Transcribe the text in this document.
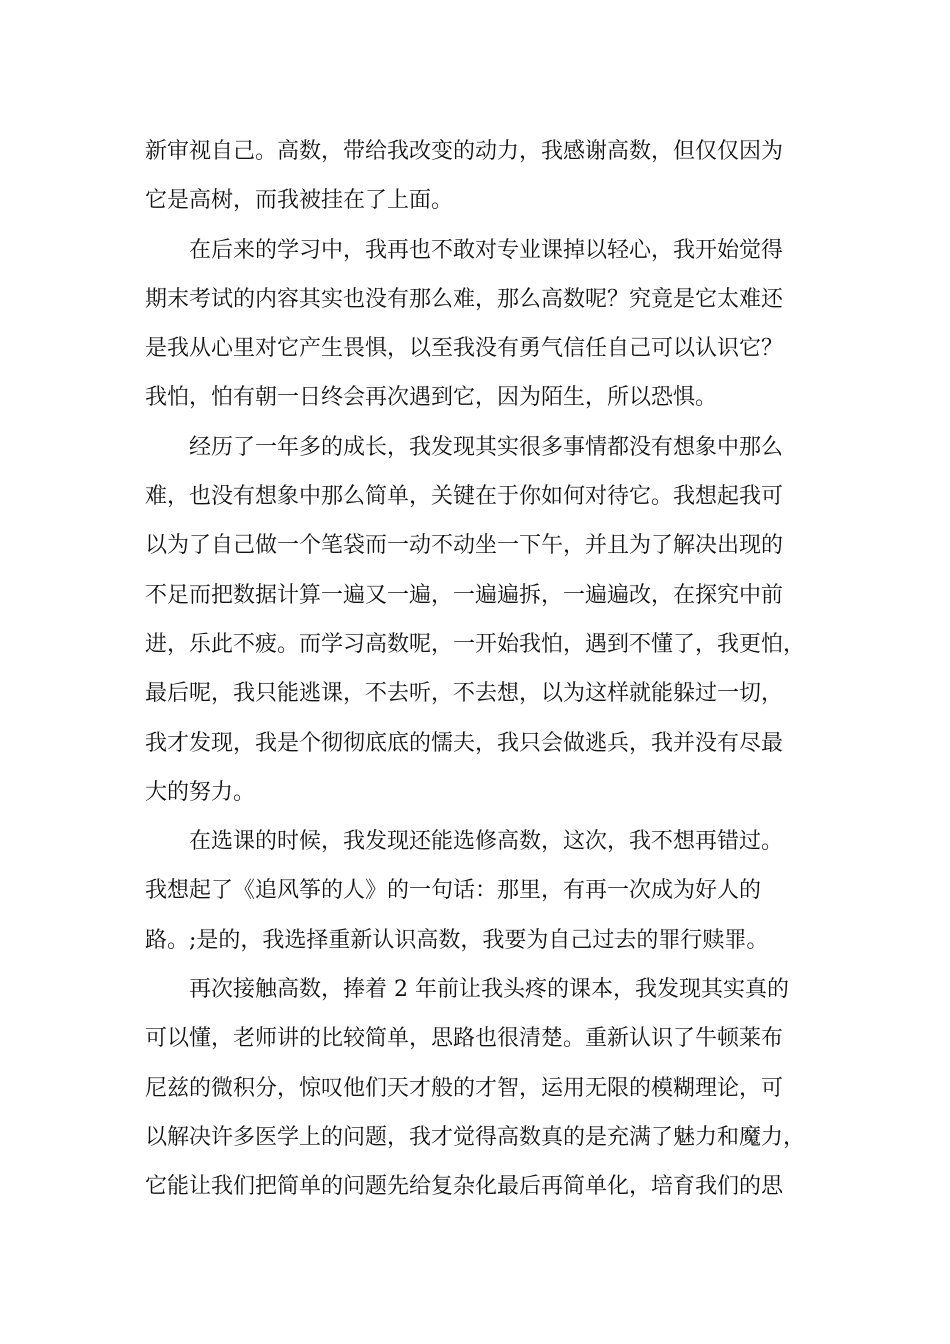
新审视自己。高数，带给我改变的动力，我感谢高数，但仅仅因为
它是高树，而我被挂在了上面。
在后来的学习中，我再也不敢对专业课掉以轻心，我开始觉得
期末考试的内容其实也没有那么难，那么高数呢？究竟是它太难还
是我从心里对它产生畏惧，以至我没有勇气信任自己可以认识它？
我怕，怕有朝一日终会再次遇到它，因为陌生，所以恐惧。
经历了一年多的成长，我发现其实很多事情都没有想象中那么
难，也没有想象中那么简单，关键在于你如何对待它。我想起我可
以为了自己做一个笔袋而一动不动坐一下午，并且为了解决出现的
不足而把数据计算一遍又一遍，一遍遍拆，一遍遍改，在探究中前
进，乐此不疲。而学习高数呢，一开始我怕，遇到不懂了，我更怕，
最后呢，我只能逃课，不去听，不去想，以为这样就能躲过一切，
我才发现，我是个彻彻底底的懦夫，我只会做逃兵，我并没有尽最
大的努力。
在选课的时候，我发现还能选修高数，这次，我不想再错过。
我想起了《追风筝的人》的一句话：那里，有再一次成为好人的
路。;是的，我选择重新认识高数，我要为自己过去的罪行赎罪。
再次接触高数，捧着 2 年前让我头疼的课本，我发现其实真的
可以懂，老师讲的比较简单，思路也很清楚。重新认识了牛顿莱布
尼兹的微积分，惊叹他们天才般的才智，运用无限的模糊理论，可
以解决许多医学上的问题，我才觉得高数真的是充满了魅力和魔力，
它能让我们把简单的问题先给复杂化最后再简单化，培育我们的思
